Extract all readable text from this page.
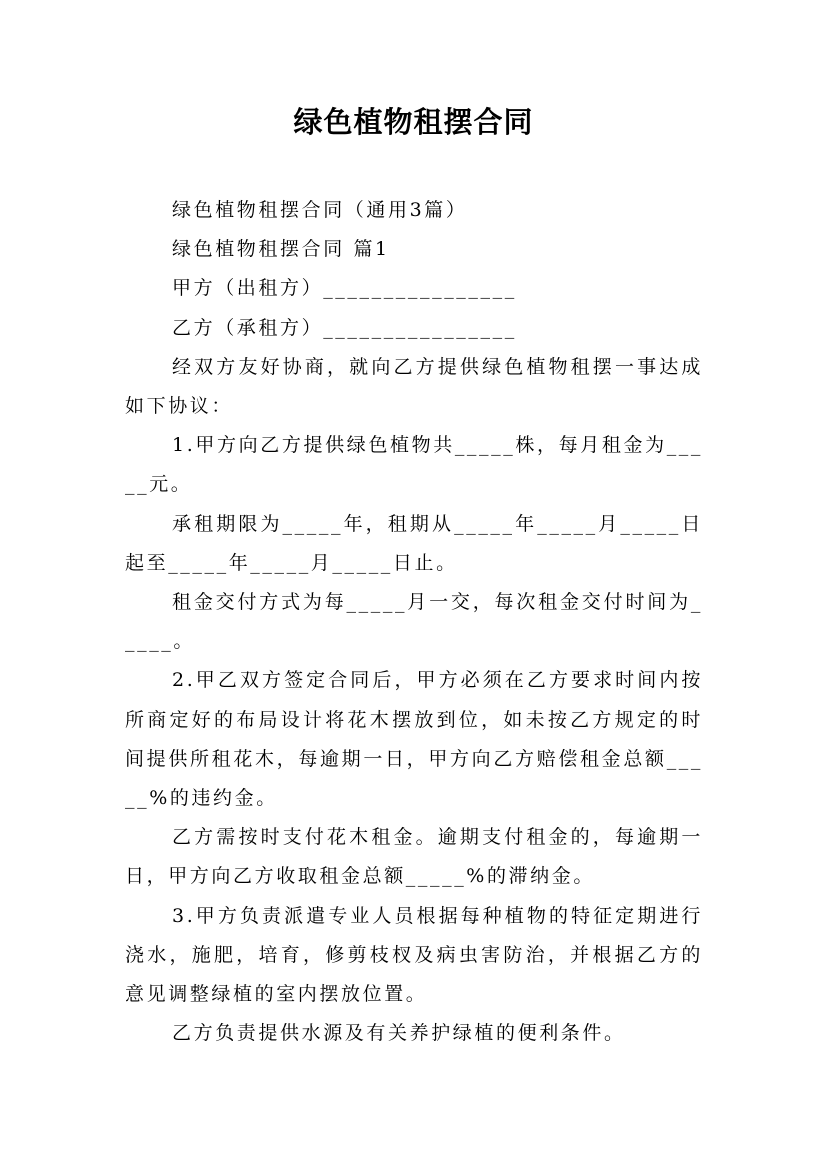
绿色植物租摆合同

绿色植物租摆合同（通用3篇）

绿色植物租摆合同 篇1

甲方（出租方）________________

乙方（承租方）________________

经双方友好协商，就向乙方提供绿色植物租摆一事达成如下协议：

1.甲方向乙方提供绿色植物共_____株，每月租金为_____元。

承租期限为_____年，租期从_____年_____月_____日起至_____年_____月_____日止。

租金交付方式为每_____月一交，每次租金交付时间为_____。

2.甲乙双方签定合同后，甲方必须在乙方要求时间内按所商定好的布局设计将花木摆放到位，如未按乙方规定的时间提供所租花木，每逾期一日，甲方向乙方赔偿租金总额_____%的违约金。

乙方需按时支付花木租金。逾期支付租金的，每逾期一日，甲方向乙方收取租金总额_____%的滞纳金。

3.甲方负责派遣专业人员根据每种植物的特征定期进行浇水，施肥，培育，修剪枝杈及病虫害防治，并根据乙方的意见调整绿植的室内摆放位置。

乙方负责提供水源及有关养护绿植的便利条件。
